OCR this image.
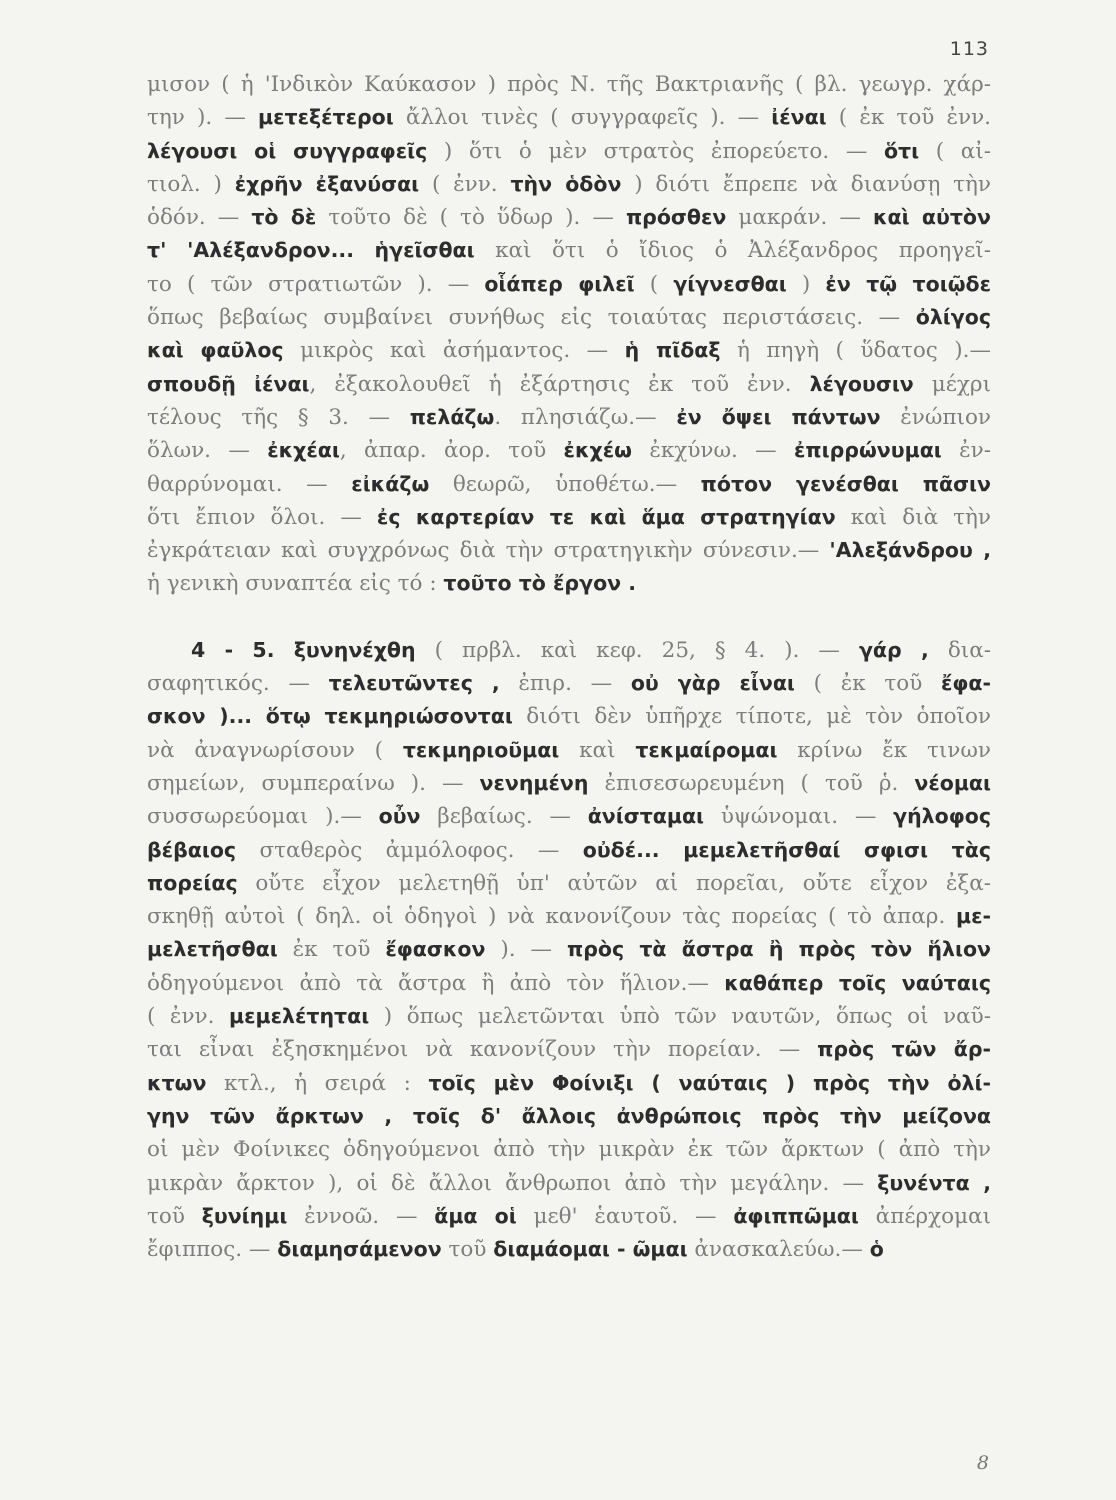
113
μισον ( ἡ 'Ινδικὸν Καύκασον ) πρὸς Ν. τῆς Βακτριανῆς ( βλ. γεωγρ. χάρ-
την ). — μετεξέτεροι ἄλλοι τινὲς ( συγγραφεῖς ). — ἰέναι ( ἐκ τοῦ ἐνν.
λέγουσι οἱ συγγραφεῖς ) ὅτι ὁ μὲν στρατὸς ἐπορεύετο. — ὅτι ( αἰ-
τιολ. ) ἐχρῆν ἐξανύσαι ( ἐνν. τὴν ὁδὸν ) διότι ἔπρεπε νὰ διανύσῃ τὴν
ὁδόν. — τὸ δὲ τοῦτο δὲ ( τὸ ὕδωρ ). — πρόσθεν μακράν. — καὶ αὐτὸν
τ' 'Αλέξανδρον... ἡγεῖσθαι καὶ ὅτι ὁ ἴδιος ὁ Ἀλέξανδρος προηγεῖ-
το ( τῶν στρατιωτῶν ). — οἷάπερ φιλεῖ ( γίγνεσθαι ) ἐν τῷ τοιῷδε
ὅπως βεβαίως συμβαίνει συνήθως εἰς τοιαύτας περιστάσεις. — ὀλίγος
καὶ φαῦλος μικρὸς καὶ ἀσήμαντος. — ἡ πῖδαξ ἡ πηγὴ ( ὕδατος ).—
σπουδῇ ἰέναι, ἐξακολουθεῖ ἡ ἐξάρτησις ἐκ τοῦ ἐνν. λέγουσιν μέχρι
τέλους τῆς § 3. — πελάζω. πλησιάζω.— ἐν ὄψει πάντων ἐνώπιον
ὅλων. — ἐκχέαι, ἀπαρ. ἀορ. τοῦ ἐκχέω ἐκχύνω. — ἐπιρρώνυμαι ἐν-
θαρρύνομαι. — εἰκάζω θεωρῶ, ὑποθέτω.— πότον γενέσθαι πᾶσιν
ὅτι ἔπιον ὅλοι. — ἐς καρτερίαν τε καὶ ἅμα στρατηγίαν καὶ διὰ τὴν
ἐγκράτειαν καὶ συγχρόνως διὰ τὴν στρατηγικὴν σύνεσιν.— 'Αλεξάνδρου ,
ἡ γενικὴ συναπτέα εἰς τό : τοῦτο τὸ ἔργον .
4 - 5. ξυνηνέχθη ( πρβλ. καὶ κεφ. 25, § 4. ). — γάρ , δια-
σαφητικός. — τελευτῶντες , ἐπιρ. — οὐ γὰρ εἶναι ( ἐκ τοῦ ἔφα-
σκον )... ὅτῳ τεκμηριώσονται διότι δὲν ὑπῆρχε τίποτε, μὲ τὸν ὁποῖον
νὰ ἀναγνωρίσουν ( τεκμηριοῦμαι καὶ τεκμαίρομαι κρίνω ἔκ τινων
σημείων, συμπεραίνω ). — νενημένη ἐπισεσωρευμένη ( τοῦ ῥ. νέομαι
συσσωρεύομαι ).— οὖν βεβαίως. — ἀνίσταμαι ὑψώνομαι. — γήλοφος
βέβαιος σταθερὸς ἀμμόλοφος. — οὐδέ... μεμελετῆσθαί σφισι τὰς
πορείας οὔτε εἶχον μελετηθῇ ὑπ' αὐτῶν αἱ πορεῖαι, οὔτε εἶχον ἐξα-
σκηθῇ αὐτοὶ ( δηλ. οἱ ὁδηγοὶ ) νὰ κανονίζουν τὰς πορείας ( τὸ ἀπαρ. με-
μελετῆσθαι ἐκ τοῦ ἔφασκον ). — πρὸς τὰ ἄστρα ἢ πρὸς τὸν ἥλιον
ὁδηγούμενοι ἀπὸ τὰ ἄστρα ἢ ἀπὸ τὸν ἥλιον.— καθάπερ τοῖς ναύταις
( ἐνν. μεμελέτηται ) ὅπως μελετῶνται ὑπὸ τῶν ναυτῶν, ὅπως οἱ ναῦ-
ται εἶναι ἐξησκημένοι νὰ κανονίζουν τὴν πορείαν. — πρὸς τῶν ἄρ-
κτων κτλ., ἡ σειρά : τοῖς μὲν Φοίνιξι ( ναύταις ) πρὸς τὴν ὀλί-
γην τῶν ἄρκτων , τοῖς δ' ἄλλοις ἀνθρώποις πρὸς τὴν μείζονα
οἱ μὲν Φοίνικες ὁδηγούμενοι ἀπὸ τὴν μικρὰν ἐκ τῶν ἄρκτων ( ἀπὸ τὴν
μικρὰν ἄρκτον ), οἱ δὲ ἄλλοι ἄνθρωποι ἀπὸ τὴν μεγάλην. — ξυνέντα ,
τοῦ ξυνίημι ἐννοῶ. — ἅμα οἱ μεθ' ἑαυτοῦ. — ἀφιππῶμαι ἀπέρχομαι
ἔφιππος. — διαμησάμενον τοῦ διαμάομαι - ῶμαι ἀνασκαλεύω.— ὁ
8
